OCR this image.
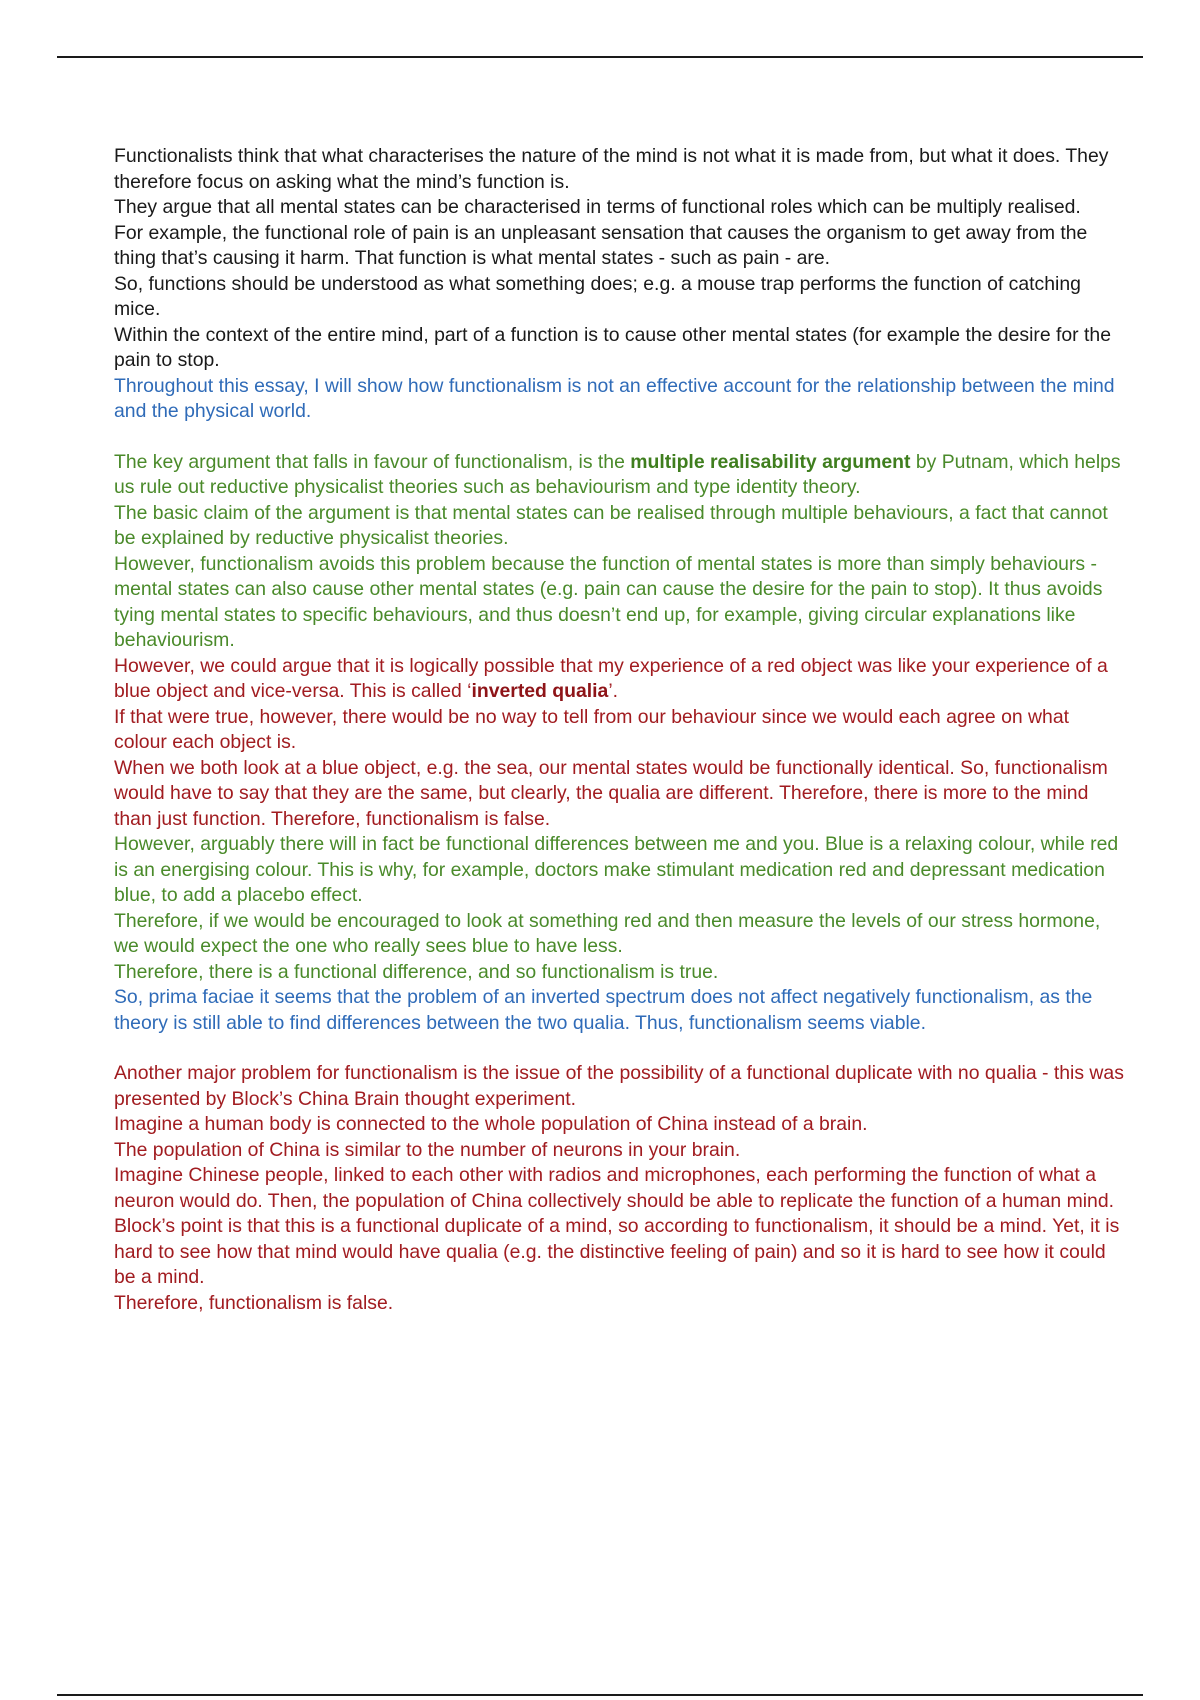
Functionalists think that what characterises the nature of the mind is not what it is made from, but what it does. They therefore focus on asking what the mind’s function is.

They argue that all mental states can be characterised in terms of functional roles which can be multiply realised.

For example, the functional role of pain is an unpleasant sensation that causes the organism to get away from the thing that’s causing it harm. That function is what mental states - such as pain - are.

So, functions should be understood as what something does; e.g. a mouse trap performs the function of catching mice.

Within the context of the entire mind, part of a function is to cause other mental states (for example the desire for the pain to stop.

Throughout this essay, I will show how functionalism is not an effective account for the relationship between the mind and the physical world.

The key argument that falls in favour of functionalism, is the multiple realisability argument by Putnam, which helps us rule out reductive physicalist theories such as behaviourism and type identity theory.

The basic claim of the argument is that mental states can be realised through multiple behaviours, a fact that cannot be explained by reductive physicalist theories.

However, functionalism avoids this problem because the function of mental states is more than simply behaviours - mental states can also cause other mental states (e.g. pain can cause the desire for the pain to stop). It thus avoids tying mental states to specific behaviours, and thus doesn’t end up, for example, giving circular explanations like behaviourism.

However, we could argue that it is logically possible that my experience of a red object was like your experience of a blue object and vice-versa. This is called ‘inverted qualia’.

If that were true, however, there would be no way to tell from our behaviour since we would each agree on what colour each object is.

When we both look at a blue object, e.g. the sea, our mental states would be functionally identical. So, functionalism would have to say that they are the same, but clearly, the qualia are different. Therefore, there is more to the mind than just function. Therefore, functionalism is false.

However, arguably there will in fact be functional differences between me and you. Blue is a relaxing colour, while red is an energising colour. This is why, for example, doctors make stimulant medication red and depressant medication blue, to add a placebo effect.

Therefore, if we would be encouraged to look at something red and then measure the levels of our stress hormone, we would expect the one who really sees blue to have less.

Therefore, there is a functional difference, and so functionalism is true.

So, prima faciae it seems that the problem of an inverted spectrum does not affect negatively functionalism, as the theory is still able to find differences between the two qualia. Thus, functionalism seems viable.

Another major problem for functionalism is the issue of the possibility of a functional duplicate with no qualia - this was presented by Block’s China Brain thought experiment.

Imagine a human body is connected to the whole population of China instead of a brain.

The population of China is similar to the number of neurons in your brain.

Imagine Chinese people, linked to each other with radios and microphones, each performing the function of what a neuron would do. Then, the population of China collectively should be able to replicate the function of a human mind.

Block’s point is that this is a functional duplicate of a mind, so according to functionalism, it should be a mind. Yet, it is hard to see how that mind would have qualia (e.g. the distinctive feeling of pain) and so it is hard to see how it could be a mind.

Therefore, functionalism is false.
